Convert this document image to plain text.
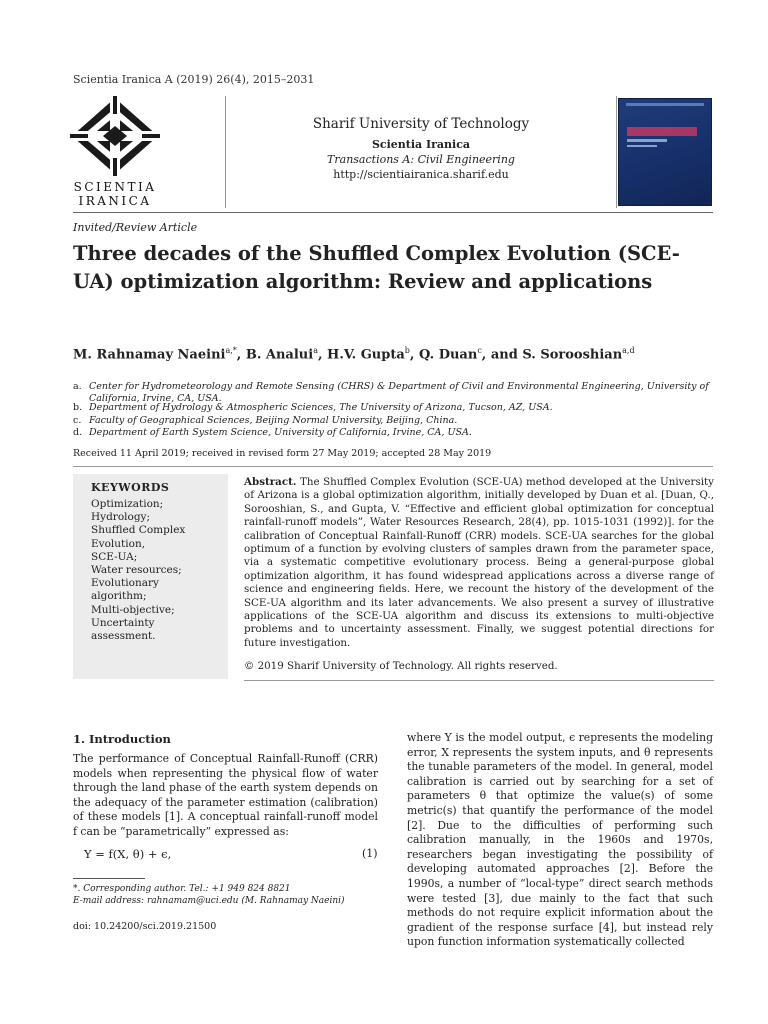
Scientia Iranica A (2019) 26(4), 2015–2031
SCIENTIA
IRANICA
Sharif University of Technology
Scientia Iranica
Transactions A: Civil Engineering
http://scientiairanica.sharif.edu
Invited/Review Article
Three decades of the Shuffled Complex Evolution (SCE-UA) optimization algorithm: Review and applications
M. Rahnamay Naeini$^{a,*}$, B. Analui$^a$, H.V. Gupta$^b$, Q. Duan$^c$, and S. Sorooshian$^{a,d}$
a. Center for Hydrometeorology and Remote Sensing (CHRS) & Department of Civil and Environmental Engineering, University of California, Irvine, CA, USA.
b. Department of Hydrology & Atmospheric Sciences, The University of Arizona, Tucson, AZ, USA.
c. Faculty of Geographical Sciences, Beijing Normal University, Beijing, China.
d. Department of Earth System Science, University of California, Irvine, CA, USA.
Received 11 April 2019; received in revised form 27 May 2019; accepted 28 May 2019
KEYWORDS
Optimization;
Hydrology;
Shuffled Complex
Evolution,
SCE-UA;
Water resources;
Evolutionary
algorithm;
Multi-objective;
Uncertainty
assessment.
Abstract. The Shuffled Complex Evolution (SCE-UA) method developed at the University of Arizona is a global optimization algorithm, initially developed by Duan et al. [Duan, Q., Sorooshian, S., and Gupta, V. “Effective and efficient global optimization for conceptual rainfall-runoff models”, Water Resources Research, 28(4), pp. 1015-1031 (1992)]. for the calibration of Conceptual Rainfall-Runoff (CRR) models. SCE-UA searches for the global optimum of a function by evolving clusters of samples drawn from the parameter space, via a systematic competitive evolutionary process. Being a general-purpose global optimization algorithm, it has found widespread applications across a diverse range of science and engineering fields. Here, we recount the history of the development of the SCE-UA algorithm and its later advancements. We also present a survey of illustrative applications of the SCE-UA algorithm and discuss its extensions to multi-objective problems and to uncertainty assessment. Finally, we suggest potential directions for future investigation.
© 2019 Sharif University of Technology. All rights reserved.
1. Introduction
The performance of Conceptual Rainfall-Runoff (CRR) models when representing the physical flow of water through the land phase of the earth system depends on the adequacy of the parameter estimation (calibration) of these models [1]. A conceptual rainfall-runoff model f can be “parametrically” expressed as:
Y = f(X, θ) + ϵ,	(1)
*. Corresponding author. Tel.: +1 949 824 8821
E-mail address: rahnamam@uci.edu (M. Rahnamay Naeini)
doi: 10.24200/sci.2019.21500
where Y is the model output, ϵ represents the modeling error, X represents the system inputs, and θ represents the tunable parameters of the model. In general, model calibration is carried out by searching for a set of parameters θ that optimize the value(s) of some metric(s) that quantify the performance of the model [2]. Due to the difficulties of performing such calibration manually, in the 1960s and 1970s, researchers began investigating the possibility of developing automated approaches [2]. Before the 1990s, a number of “local-type” direct search methods were tested [3], due mainly to the fact that such methods do not require explicit information about the gradient of the response surface [4], but instead rely upon function information systematically collected
